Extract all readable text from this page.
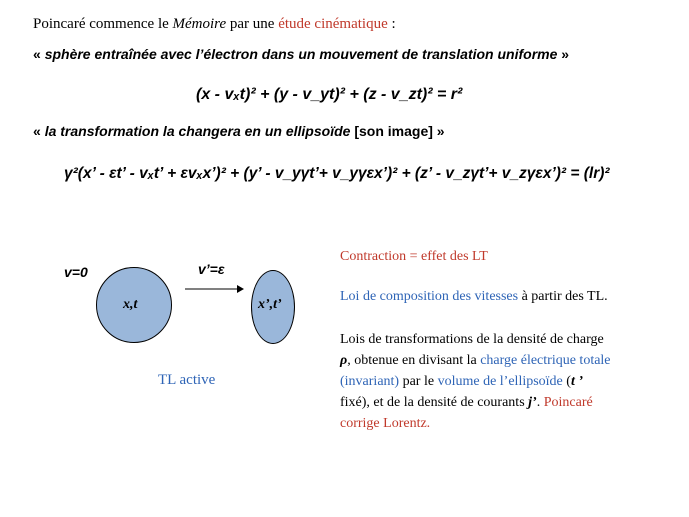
Poincaré commence le Mémoire par une étude cinématique :
« sphère entraînée avec l’électron dans un mouvement de translation uniforme »
(x - vₓt)² + (y - v_yt)² + (z - v_zt)² = r²
« la transformation la changera en un ellipsoïde [son image] »
γ²(x’ - εt’ - vₓt’ + εvₓx’)² + (y’ - v_yγt’+ v_yγεx’)² + (z’ - v_zγt’+ v_zγεx’)² = (lr)²
v=0
x,t
v’=ε
x’,t’
TL active
Contraction = effet des LT
Loi de composition des vitesses à partir des TL.
Lois de transformations de la densité de charge
ρ, obtenue en divisant la charge électrique totale
(invariant) par le volume de l’ellipsoïde (t ’
fixé), et de la densité de courants j’. Poincaré
corrige Lorentz.
